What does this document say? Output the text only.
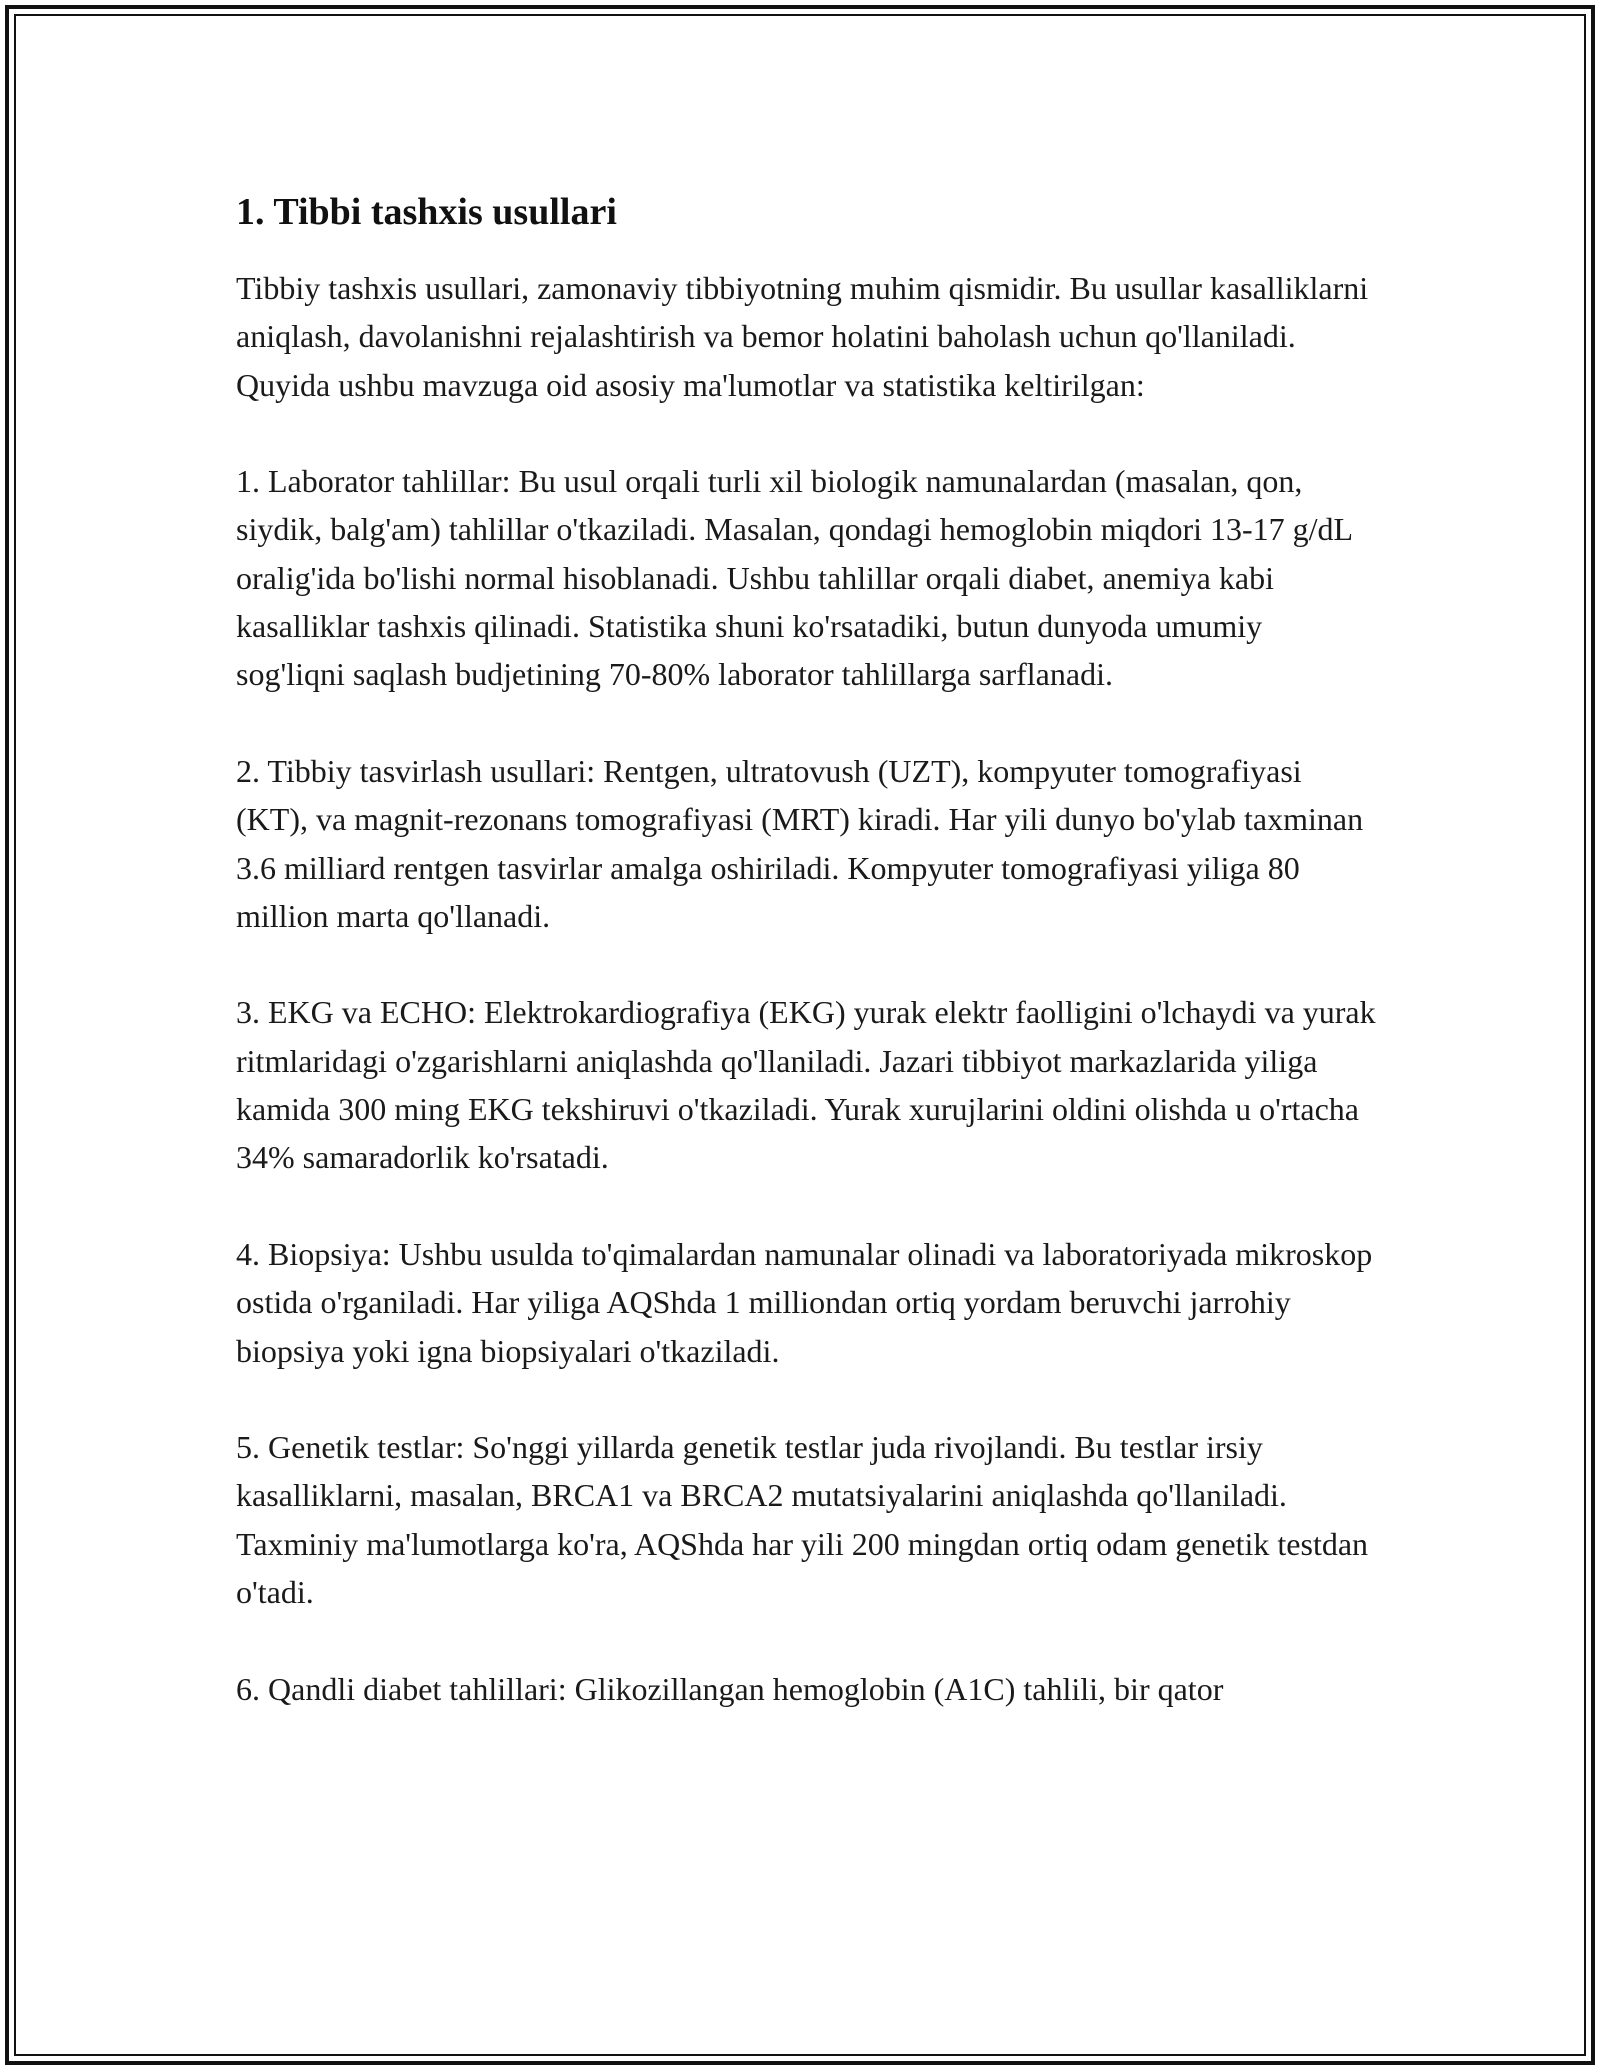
1. Tibbi tashxis usullari

Tibbiy tashxis usullari, zamonaviy tibbiyotning muhim qismidir. Bu usullar kasalliklarni aniqlash, davolanishni rejalashtirish va bemor holatini baholash uchun qo'llaniladi. Quyida ushbu mavzuga oid asosiy ma'lumotlar va statistika keltirilgan:

1. Laborator tahlillar: Bu usul orqali turli xil biologik namunalardan (masalan, qon, siydik, balg'am) tahlillar o'tkaziladi. Masalan, qondagi hemoglobin miqdori 13-17 g/dL oralig'ida bo'lishi normal hisoblanadi. Ushbu tahlillar orqali diabet, anemiya kabi kasalliklar tashxis qilinadi. Statistika shuni ko'rsatadiki, butun dunyoda umumiy sog'liqni saqlash budjetining 70-80% laborator tahlillarga sarflanadi.

2. Tibbiy tasvirlash usullari: Rentgen, ultratovush (UZT), kompyuter tomografiyasi (KT), va magnit-rezonans tomografiyasi (MRT) kiradi. Har yili dunyo bo'ylab taxminan 3.6 milliard rentgen tasvirlar amalga oshiriladi. Kompyuter tomografiyasi yiliga 80 million marta qo'llanadi.

3. EKG va ECHO: Elektrokardiografiya (EKG) yurak elektr faolligini o'lchaydi va yurak ritmlaridagi o'zgarishlarni aniqlashda qo'llaniladi. Jazari tibbiyot markazlarida yiliga kamida 300 ming EKG tekshiruvi o'tkaziladi. Yurak xurujlarini oldini olishda u o'rtacha 34% samaradorlik ko'rsatadi.

4. Biopsiya: Ushbu usulda to'qimalardan namunalar olinadi va laboratoriyada mikroskop ostida o'rganiladi. Har yiliga AQShda 1 milliondan ortiq yordam beruvchi jarrohiy biopsiya yoki igna biopsiyalari o'tkaziladi.

5. Genetik testlar: So'nggi yillarda genetik testlar juda rivojlandi. Bu testlar irsiy kasalliklarni, masalan, BRCA1 va BRCA2 mutatsiyalarini aniqlashda qo'llaniladi. Taxminiy ma'lumotlarga ko'ra, AQShda har yili 200 mingdan ortiq odam genetik testdan o'tadi.

6. Qandli diabet tahlillari: Glikozillangan hemoglobin (A1C) tahlili, bir qator
